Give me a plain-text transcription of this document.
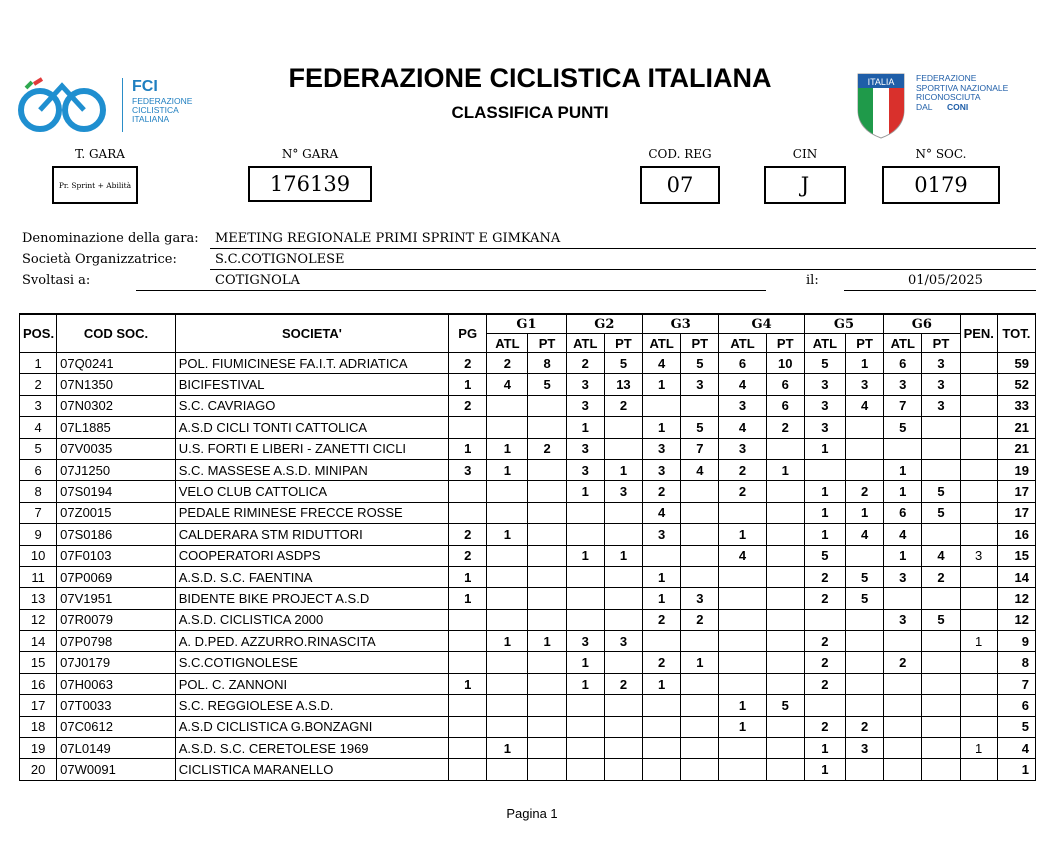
FCI
FEDERAZIONE
CICLISTICA
ITALIANA
FEDERAZIONE CICLISTICA ITALIANA
CLASSIFICA PUNTI
ITALIA	FEDERAZIONE
SPORTIVA NAZIONALE
RICONOSCIUTA
DAL	CONI
T. GARA
Pr. Sprint + Abilità
N° GARA
176139
COD. REG
07
CIN
J
N° SOC.
0179
Denominazione della gara: MEETING REGIONALE PRIMI SPRINT E GIMKANA
Società Organizzatrice:	S.C.COTIGNOLESE
Svoltasi a:	COTIGNOLA	il:	01/05/2025
POS.	COD SOC.	SOCIETA'	PG	G1		G2		G3		G4		G5		G6		PEN.	TOT.
				ATL	PT	ATL	PT	ATL	PT	ATL	PT	ATL	PT	ATL	PT		
1	07Q0241	POL. FIUMICINESE FA.I.T. ADRIATICA	2	2	8	2	5	4	5	6	10	5	1	6	3		59
2	07N1350	BICIFESTIVAL	1	4	5	3	13	1	3	4	6	3	3	3	3		52
3	07N0302	S.C. CAVRIAGO	2			3	2			3	6	3	4	7	3		33
4	07L1885	A.S.D CICLI TONTI CATTOLICA				1		1	5	4	2	3		5			21
5	07V0035	U.S. FORTI E LIBERI - ZANETTI CICLI	1	1	2	3		3	7	3		1					21
6	07J1250	S.C. MASSESE A.S.D. MINIPAN	3	1		3	1	3	4	2	1			1			19
8	07S0194	VELO CLUB CATTOLICA				1	3	2		2		1	2	1	5		17
7	07Z0015	PEDALE RIMINESE FRECCE ROSSE						4				1	1	6	5		17
9	07S0186	CALDERARA STM RIDUTTORI	2	1				3		1		1	4	4			16
10	07F0103	COOPERATORI ASDPS	2			1	1			4		5		1	4	3	15
11	07P0069	A.S.D. S.C. FAENTINA	1					1				2	5	3	2		14
13	07V1951	BIDENTE BIKE PROJECT A.S.D	1					1	3			2	5				12
12	07R0079	A.S.D. CICLISTICA 2000						2	2					3	5		12
14	07P0798	A. D.PED. AZZURRO.RINASCITA		1	1	3	3					2				1	9
15	07J0179	S.C.COTIGNOLESE				1		2	1			2		2			8
16	07H0063	POL. C. ZANNONI	1			1	2	1				2					7
17	07T0033	S.C. REGGIOLESE A.S.D.								1	5						6
18	07C0612	A.S.D CICLISTICA G.BONZAGNI								1		2	2				5
19	07L0149	A.S.D. S.C. CERETOLESE 1969		1								1	3			1	4
20	07W0091	CICLISTICA MARANELLO										1					1
Pagina 1
